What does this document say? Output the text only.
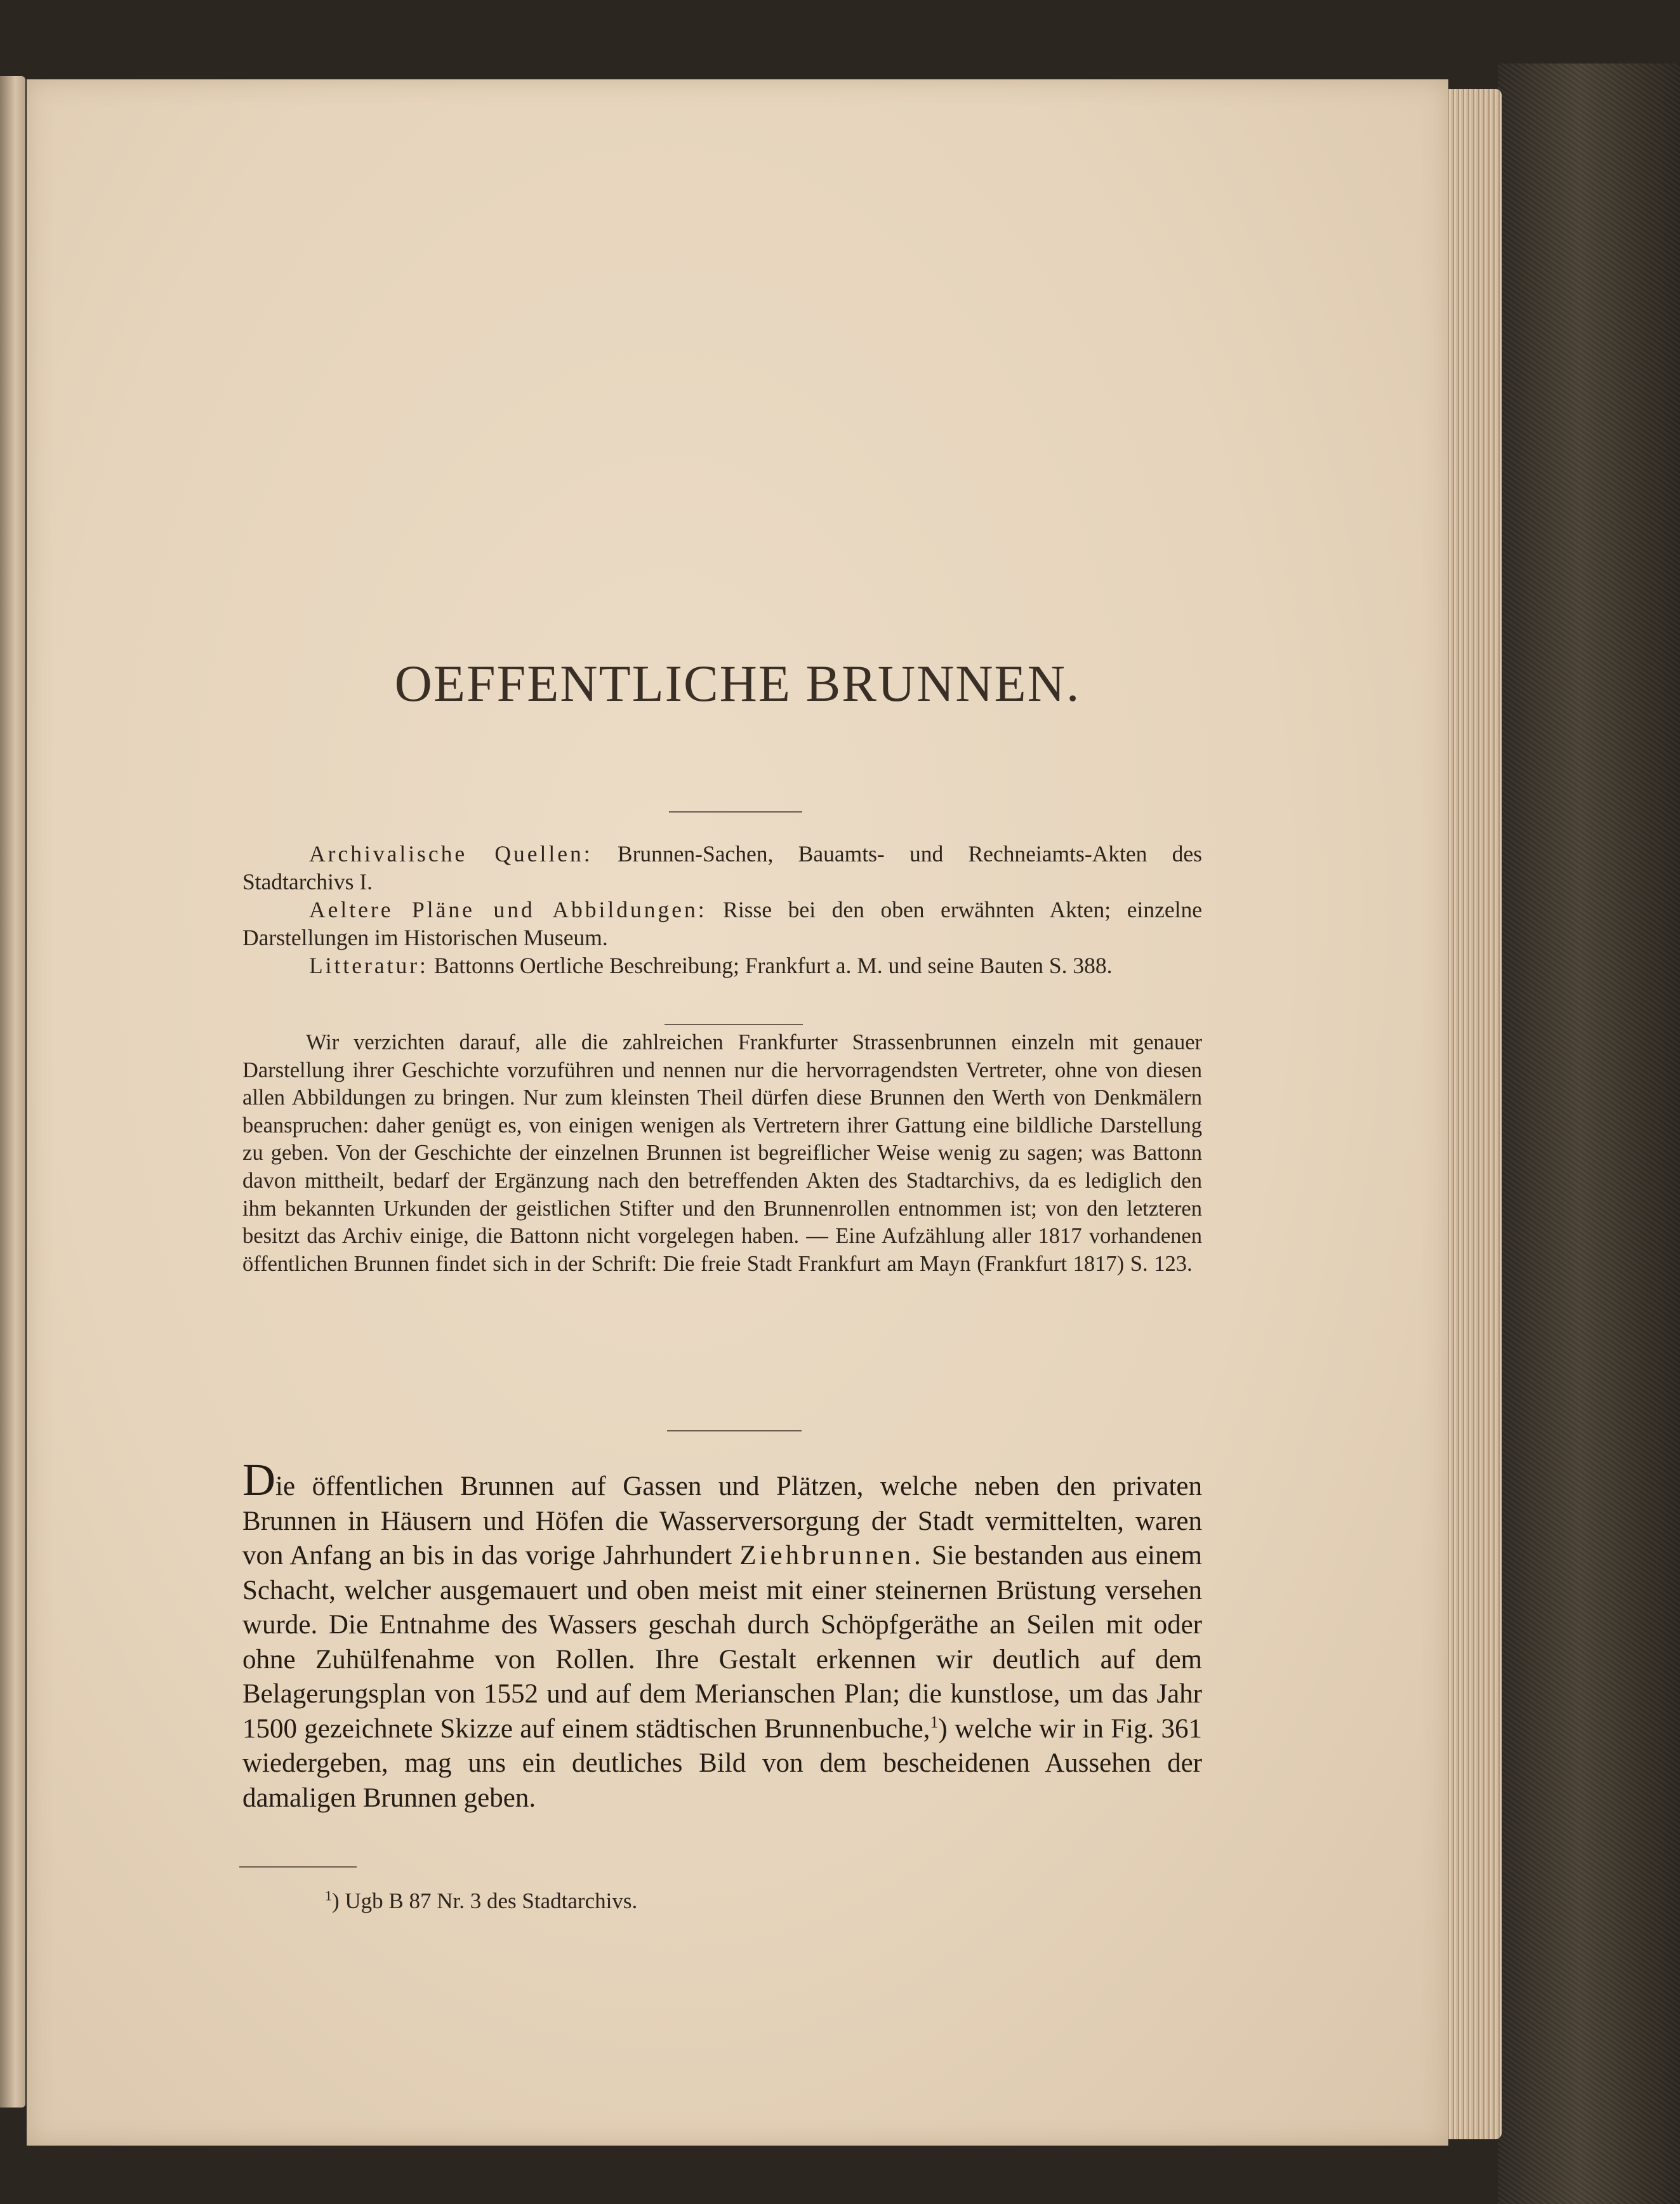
OEFFENTLICHE BRUNNEN.

Archivalische Quellen: Brunnen-Sachen, Bauamts- und Rechneiamts-Akten des Stadtarchivs I.

Aeltere Pläne und Abbildungen: Risse bei den oben erwähnten Akten; einzelne Darstellungen im Historischen Museum.

Litteratur: Battonns Oertliche Beschreibung; Frankfurt a. M. und seine Bauten S. 388.

Wir verzichten darauf, alle die zahlreichen Frankfurter Strassenbrunnen einzeln mit genauer Darstellung ihrer Geschichte vorzuführen und nennen nur die hervorragendsten Vertreter, ohne von diesen allen Abbildungen zu bringen. Nur zum kleinsten Theil dürfen diese Brunnen den Werth von Denkmälern beanspruchen: daher genügt es, von einigen wenigen als Vertretern ihrer Gattung eine bildliche Darstellung zu geben. Von der Geschichte der einzelnen Brunnen ist begreiflicher Weise wenig zu sagen; was Battonn davon mittheilt, bedarf der Ergänzung nach den betreffenden Akten des Stadtarchivs, da es lediglich den ihm bekannten Urkunden der geistlichen Stifter und den Brunnenrollen entnommen ist; von den letzteren besitzt das Archiv einige, die Battonn nicht vorgelegen haben. — Eine Aufzählung aller 1817 vorhandenen öffentlichen Brunnen findet sich in der Schrift: Die freie Stadt Frankfurt am Mayn (Frankfurt 1817) S. 123.

Die öffentlichen Brunnen auf Gassen und Plätzen, welche neben den privaten Brunnen in Häusern und Höfen die Wasserversorgung der Stadt vermittelten, waren von Anfang an bis in das vorige Jahrhundert Ziehbrunnen. Sie bestanden aus einem Schacht, welcher ausgemauert und oben meist mit einer steinernen Brüstung versehen wurde. Die Entnahme des Wassers geschah durch Schöpfgeräthe an Seilen mit oder ohne Zuhülfenahme von Rollen. Ihre Gestalt erkennen wir deutlich auf dem Belagerungsplan von 1552 und auf dem Merianschen Plan; die kunstlose, um das Jahr 1500 gezeichnete Skizze auf einem städtischen Brunnenbuche,$^1$) welche wir in Fig. 361 wiedergeben, mag uns ein deutliches Bild von dem bescheidenen Aussehen der damaligen Brunnen geben.

$^1$) Ugb B 87 Nr. 3 des Stadtarchivs.
